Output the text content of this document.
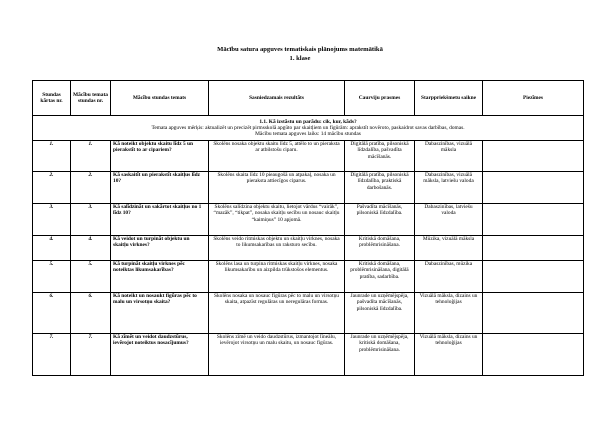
Mācību satura apguves tematiskais plānojums matemātikā
1. klase
Stundas kārtas nr.	Mācību temata stundas nr.	Mācību stundas temats	Sasniedzamais rezultāts	Caurviju prasmes	Starppriekšmetu saikne	Piezīmes

1.1. Kā izstāstu un parādu: cik, kur, kāds?
Temata apguves mērķis: aktualizēt un precizēt pirmsskolā apgūto par skaitļiem un figūrām: aprakstīt novēroto, paskaidrot savas darbības, domas.
Mācību temata apguves laiks: 14 mācību stundas						

1.	1.	Kā noteikt objektu skaitu līdz 5 un pierakstīt to ar cipariem?	Skolēns nosaka objektu skaitu līdz 5, attēlo to un pieraksta ar atbilstošu ciparu.	Digitālā pratība, pilsoniskā līdzdalība, pašvadīta mācīšanās.	Dabaszinības, vizuālā māksla	
2.	2.	Kā saskaitīt un pierakstīt skaitļus līdz 10?	Skolēns skaita līdz 10 pieaugošā un atpakaļ, nosaka un pieraksta attiecīgos ciparus.	Digitālā pratība, pilsoniskā līdzdalība, praktiskā darbošanās.	Dabaszinības, vizuālā māksla, latviešu valoda	
3.	3.	Kā salīdzināt un sakārtot skaitļus no 1 līdz 10?	Skolēns salīdzina objektu skaitu, lietojot vārdus “vairāk”, “mazāk”, “tikpat”, nosaka skaitļu secību un nosauc skaitļu “kaimiņus” 10 apjomā.	Pašvadīta mācīšanās, pilsoniskā līdzdalība.	Dabaszinības, latviešu valoda	
4.	4.	Kā veidot un turpināt objektu un skaitļu virknes?	Skolēns veido ritmiskas objektu un skaitļu virknes, nosaka to likumsakarības un raksturo secību.	Kritiskā domāšana, problēmrisināšana.	Mūzika, vizuālā māksla	
5.	5.	Kā turpināt skaitļu virknes pēc noteiktas likumsakarības?	Skolēns lasa un turpina ritmiskas skaitļu virknes, nosaka likumsakarību un aizpilda trūkstošos elementus.	Kritiskā domāšana, problēmrisināšana, digitālā pratība, sadarbība.	Dabaszinības, mūzika	
6.	6.	Kā noteikt un nosaukt figūras pēc to malu un virsotņu skaita?	Skolēns nosaka un nosauc figūras pēc to malu un virsotņu skaita, atpazīst regulāras un neregulāras formas.	Jaunrade un uzņēmējspēja, pašvadīta mācīšanās, pilsoniskā līdzdalība.	Vizuālā māksla, dizains un tehnoloģijas	
7.	7.	Kā zīmēt un veidot daudzstūrus, ievērojot noteiktus nosacījumus?	Skolēns zīmē un veido daudzstūrus, izmantojot līneālu, ievērojot virsotņu un malu skaitu, un nosauc figūras.	Jaunrade un uzņēmējspēja, kritiskā domāšana, problēmrisināšana.	Vizuālā māksla, dizains un tehnoloģijas	
